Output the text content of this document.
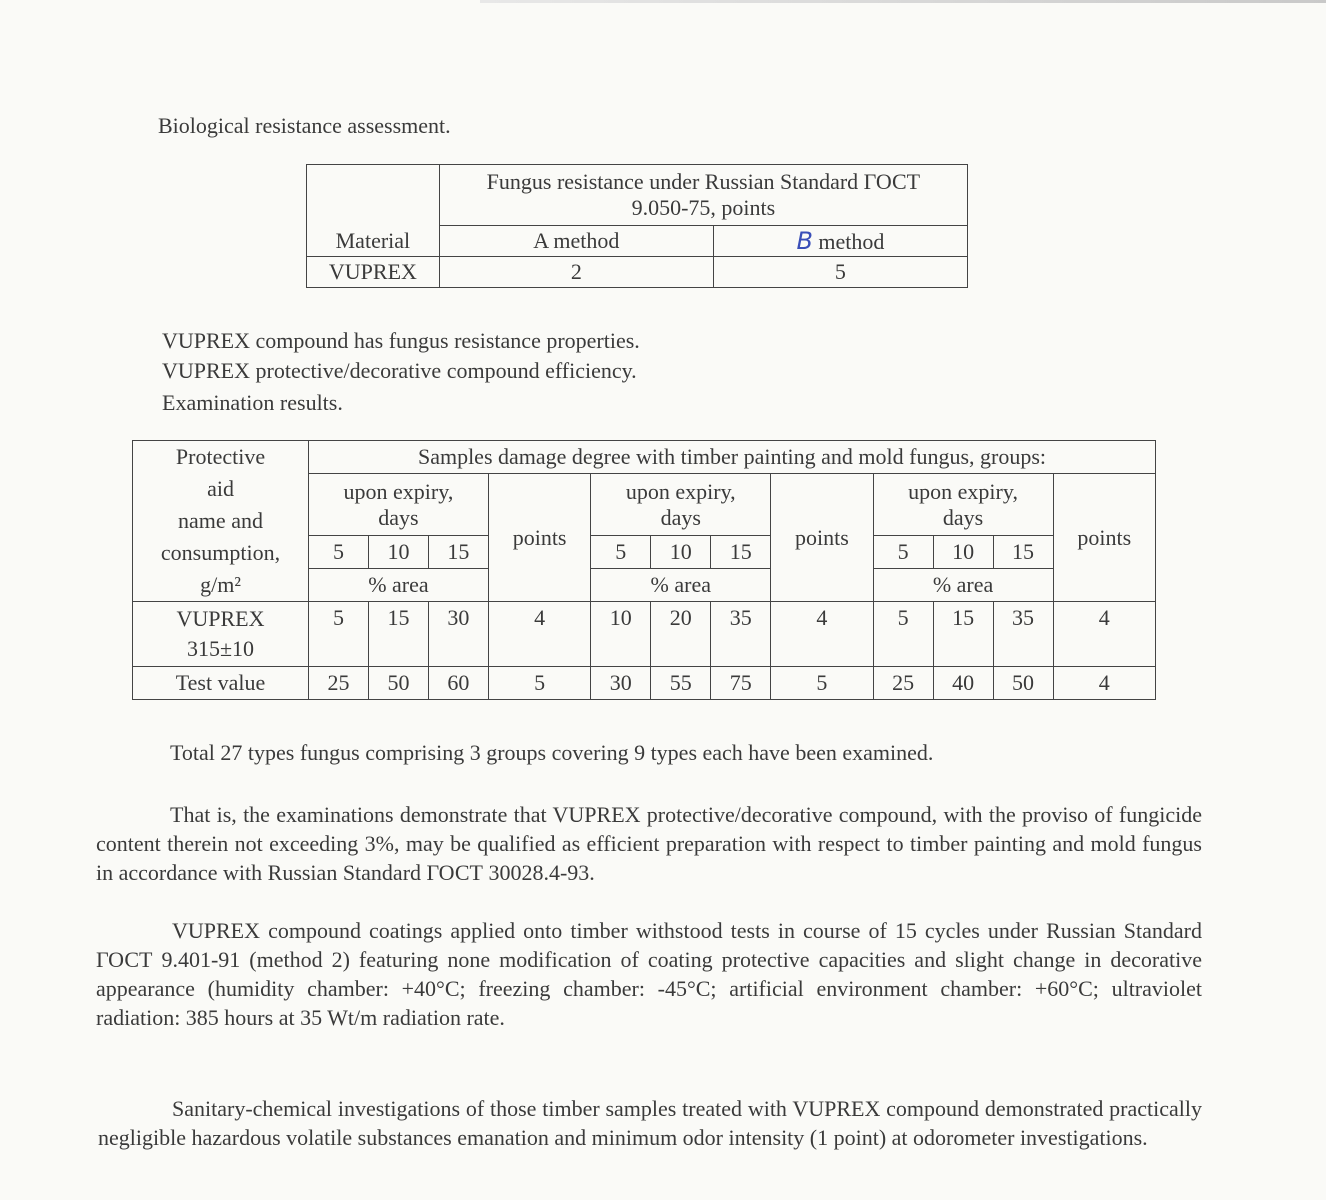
Biological resistance assessment.
Material	Fungus resistance under Russian Standard ГОСТ
9.050-75, points	
	A method	B method
VUPREX	2	5
VUPREX compound has fungus resistance properties.
VUPREX protective/decorative compound efficiency.
Examination results.
Protective
aid
name and
consumption,
g/m²	Samples damage degree with timber painting and mold fungus, groups:											
	upon expiry, days			points	upon expiry, days			points	upon expiry, days			points
	5	10	15		5	10	15		5	10	15	
	% area				% area				% area			

VUPREX
315±10	5	15	30	4	10	20	35	4	5	15	35	4
Test value	25	50	60	5	30	55	75	5	25	40	50	4
Total 27 types fungus comprising 3 groups covering 9 types each have been examined.

That is, the examinations demonstrate that VUPREX protective/decorative compound, with the proviso of fungicide content therein not exceeding 3%, may be qualified as efficient preparation with respect to timber painting and mold fungus in accordance with Russian Standard ГОСТ 30028.4-93.

VUPREX compound coatings applied onto timber withstood tests in course of 15 cycles under Russian Standard ГОСТ 9.401-91 (method 2) featuring none modification of coating protective capacities and slight change in decorative appearance (humidity chamber: +40°C; freezing chamber: -45°C; artificial environment chamber: +60°C; ultraviolet radiation: 385 hours at 35 Wt/m radiation rate.

Sanitary-chemical investigations of those timber samples treated with VUPREX compound demonstrated practically negligible hazardous volatile substances emanation and minimum odor intensity (1 point) at odorometer investigations.
